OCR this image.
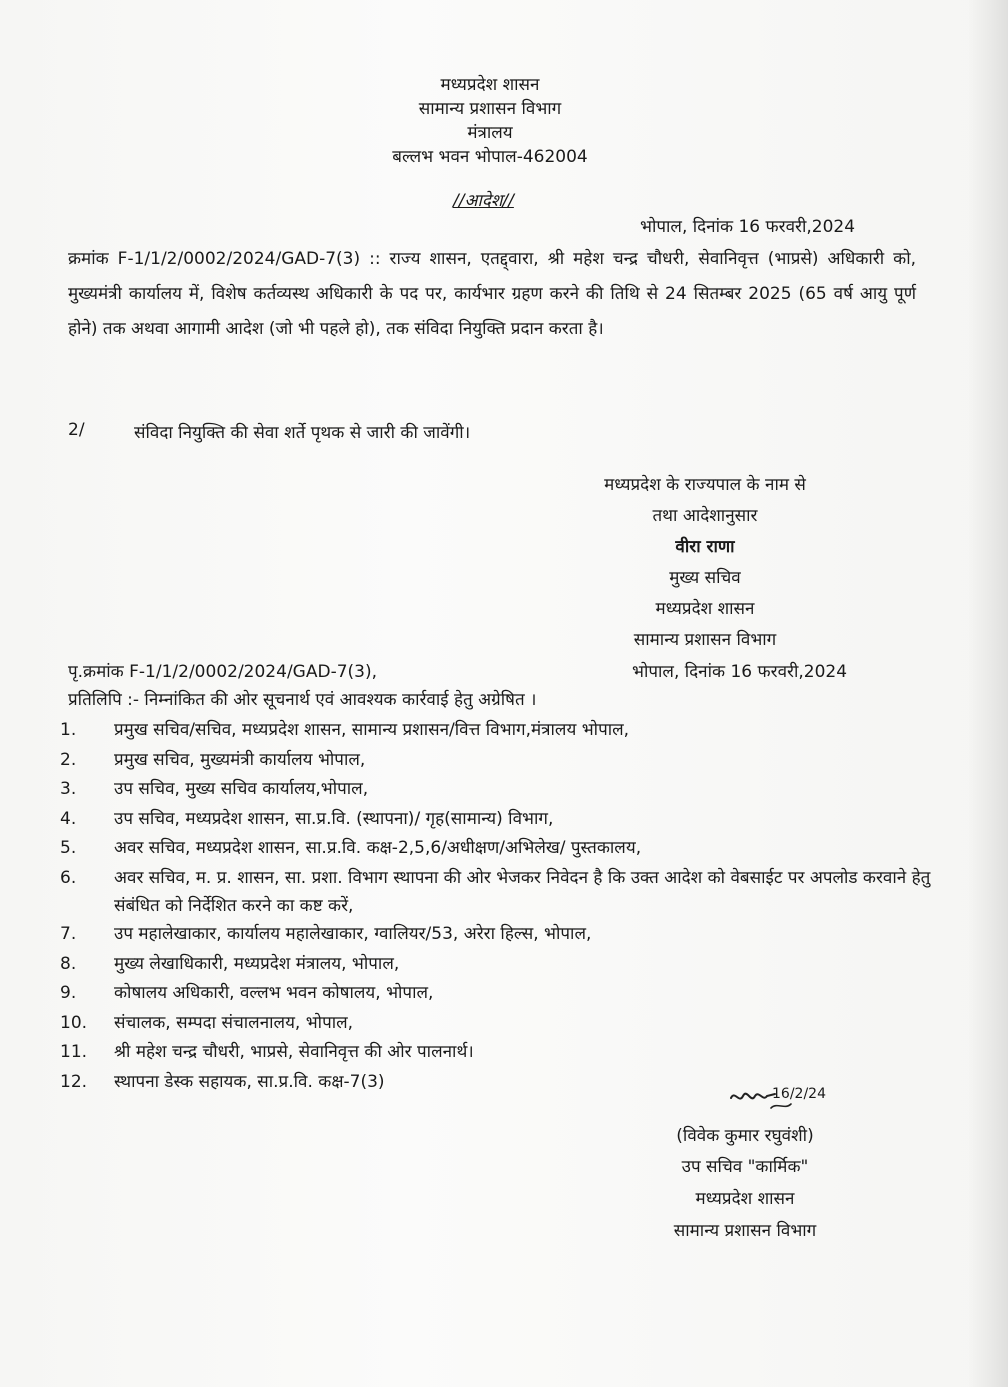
मध्यप्रदेश शासन
सामान्य प्रशासन विभाग
मंत्रालय
बल्लभ भवन भोपाल-462004
//आदेश//
भोपाल, दिनांक 16 फरवरी,2024
क्रमांक F-1/1/2/0002/2024/GAD-7(3) :: राज्य शासन, एतद्द्वारा, श्री महेश चन्द्र चौधरी, सेवानिवृत्त (भाप्रसे) अधिकारी को, मुख्यमंत्री कार्यालय में, विशेष कर्तव्यस्थ अधिकारी के पद पर, कार्यभार ग्रहण करने की तिथि से 24 सितम्बर 2025 (65 वर्ष आयु पूर्ण होने) तक अथवा आगामी आदेश (जो भी पहले हो), तक संविदा नियुक्ति प्रदान करता है।
2/	संविदा नियुक्ति की सेवा शर्ते पृथक से जारी की जावेंगी।
मध्यप्रदेश के राज्यपाल के नाम से
तथा आदेशानुसार
वीरा राणा
मुख्य सचिव
मध्यप्रदेश शासन
सामान्य प्रशासन विभाग
पृ.क्रमांक F-1/1/2/0002/2024/GAD-7(3),	भोपाल, दिनांक 16 फरवरी,2024
प्रतिलिपि :- निम्नांकित की ओर सूचनार्थ एवं आवश्यक कार्रवाई हेतु अग्रेषित ।
1.	प्रमुख सचिव/सचिव, मध्यप्रदेश शासन, सामान्य प्रशासन/वित्त विभाग,मंत्रालय भोपाल,
2.	प्रमुख सचिव, मुख्यमंत्री कार्यालय भोपाल,
3.	उप सचिव, मुख्य सचिव कार्यालय,भोपाल,
4.	उप सचिव, मध्यप्रदेश शासन, सा.प्र.वि. (स्थापना)/ गृह(सामान्य) विभाग,
5.	अवर सचिव, मध्यप्रदेश शासन, सा.प्र.वि. कक्ष-2,5,6/अधीक्षण/अभिलेख/ पुस्तकालय,
6.	अवर सचिव, म. प्र. शासन, सा. प्रशा. विभाग स्थापना की ओर भेजकर निवेदन है कि उक्त आदेश को वेबसाईट पर अपलोड करवाने हेतु संबंधित को निर्देशित करने का कष्ट करें,
7.	उप महालेखाकार, कार्यालय महालेखाकार, ग्वालियर/53, अरेरा हिल्स, भोपाल,
8.	मुख्य लेखाधिकारी, मध्यप्रदेश मंत्रालय, भोपाल,
9.	कोषालय अधिकारी, वल्लभ भवन कोषालय, भोपाल,
10.	संचालक, सम्पदा संचालनालय, भोपाल,
11.	श्री महेश चन्द्र चौधरी, भाप्रसे, सेवानिवृत्त की ओर पालनार्थ।
12.	स्थापना डेस्क सहायक, सा.प्र.वि. कक्ष-7(3)
16/2/24
(विवेक कुमार रघुवंशी)
उप सचिव "कार्मिक"
मध्यप्रदेश शासन
सामान्य प्रशासन विभाग
